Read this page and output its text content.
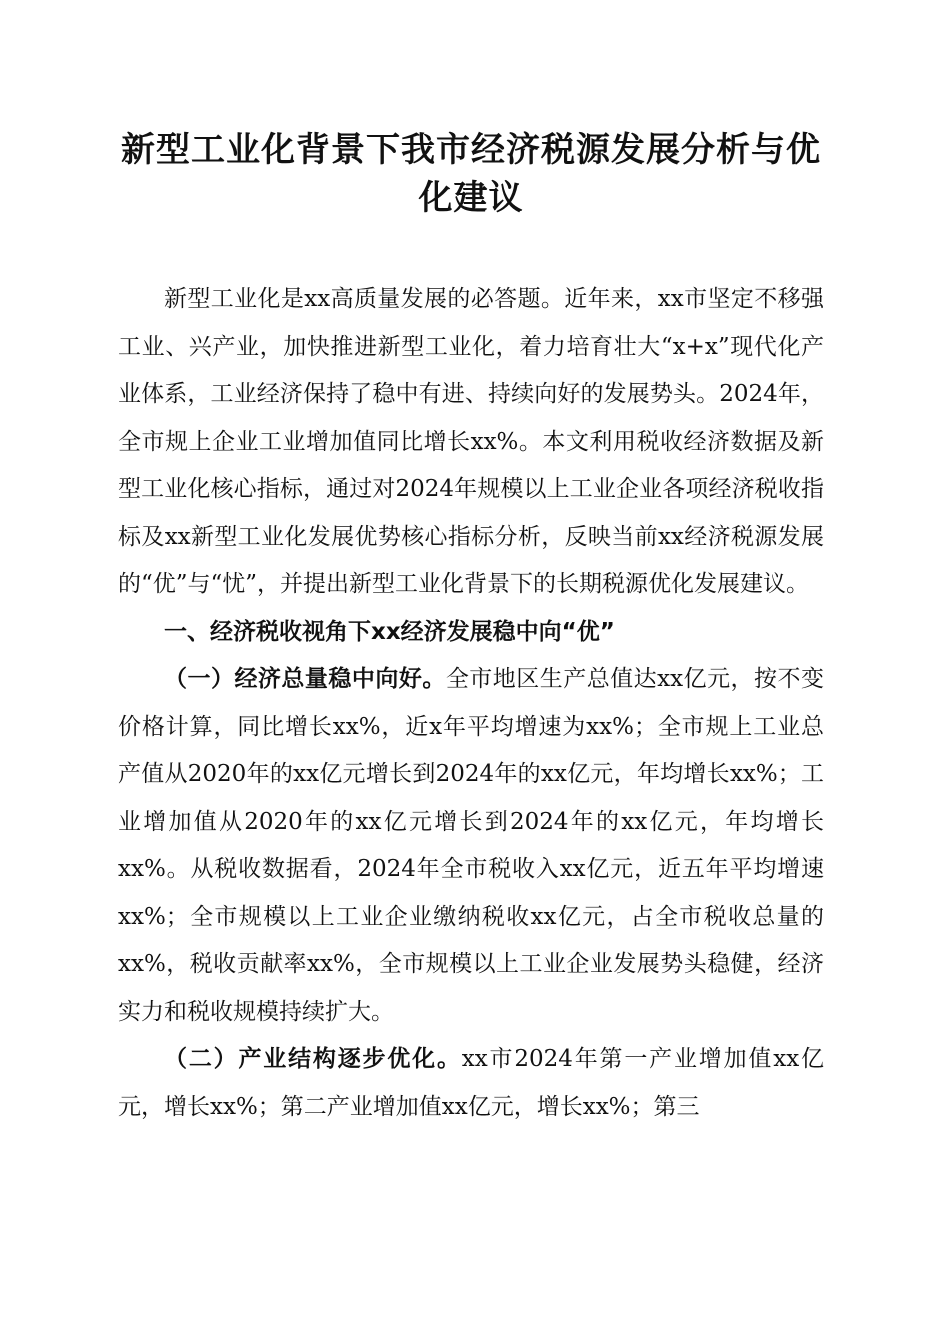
新型工业化背景下我市经济税源发展分析与优化建议

新型工业化是xx高质量发展的必答题。近年来，xx市坚定不移强工业、兴产业，加快推进新型工业化，着力培育壮大“x+x”现代化产业体系，工业经济保持了稳中有进、持续向好的发展势头。2024年，全市规上企业工业增加值同比增长xx%。本文利用税收经济数据及新型工业化核心指标，通过对2024年规模以上工业企业各项经济税收指标及xx新型工业化发展优势核心指标分析，反映当前xx经济税源发展的“优”与“忧”，并提出新型工业化背景下的长期税源优化发展建议。

一、经济税收视角下xx经济发展稳中向“优”

（一）经济总量稳中向好。全市地区生产总值达xx亿元，按不变价格计算，同比增长xx%，近x年平均增速为xx%；全市规上工业总产值从2020年的xx亿元增长到2024年的xx亿元，年均增长xx%；工业增加值从2020年的xx亿元增长到2024年的xx亿元，年均增长xx%。从税收数据看，2024年全市税收入xx亿元，近五年平均增速xx%；全市规模以上工业企业缴纳税收xx亿元，占全市税收总量的xx%，税收贡献率xx%，全市规模以上工业企业发展势头稳健，经济实力和税收规模持续扩大。

（二）产业结构逐步优化。xx市2024年第一产业增加值xx亿元，增长xx%；第二产业增加值xx亿元，增长xx%；第三
